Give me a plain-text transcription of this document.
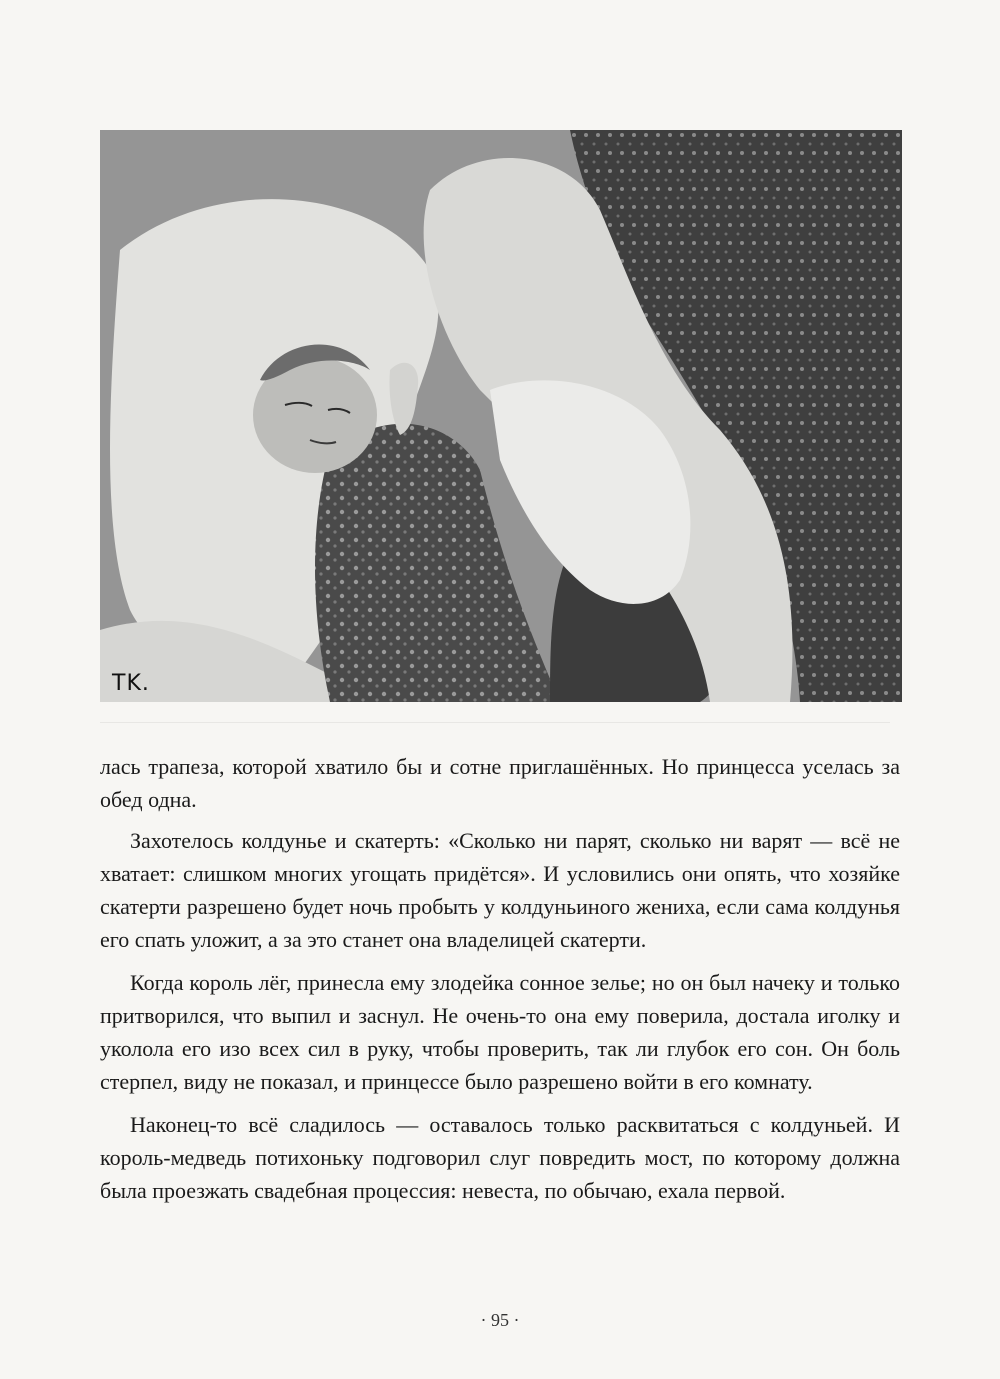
TK.

лась трапеза, которой хватило бы и сотне приглашённых. Но принцесса уселась за обед одна.

Захотелось колдунье и скатерть: «Сколько ни парят, сколько ни варят — всё не хватает: слишком многих угощать придётся». И условились они опять, что хозяйке скатерти разрешено будет ночь пробыть у колдуньиного жениха, если сама колдунья его спать уложит, а за это станет она владелицей скатерти.

Когда король лёг, принесла ему злодейка сонное зелье; но он был начеку и только притворился, что выпил и заснул. Не очень-то она ему поверила, достала иголку и уколола его изо всех сил в руку, чтобы проверить, так ли глубок его сон. Он боль стерпел, виду не показал, и принцессе было разрешено войти в его комнату.

Наконец-то всё сладилось — оставалось только расквитаться с колдуньей. И король-медведь потихоньку подговорил слуг повредить мост, по которому должна была проезжать свадебная процессия: невеста, по обычаю, ехала первой.

· 95 ·
